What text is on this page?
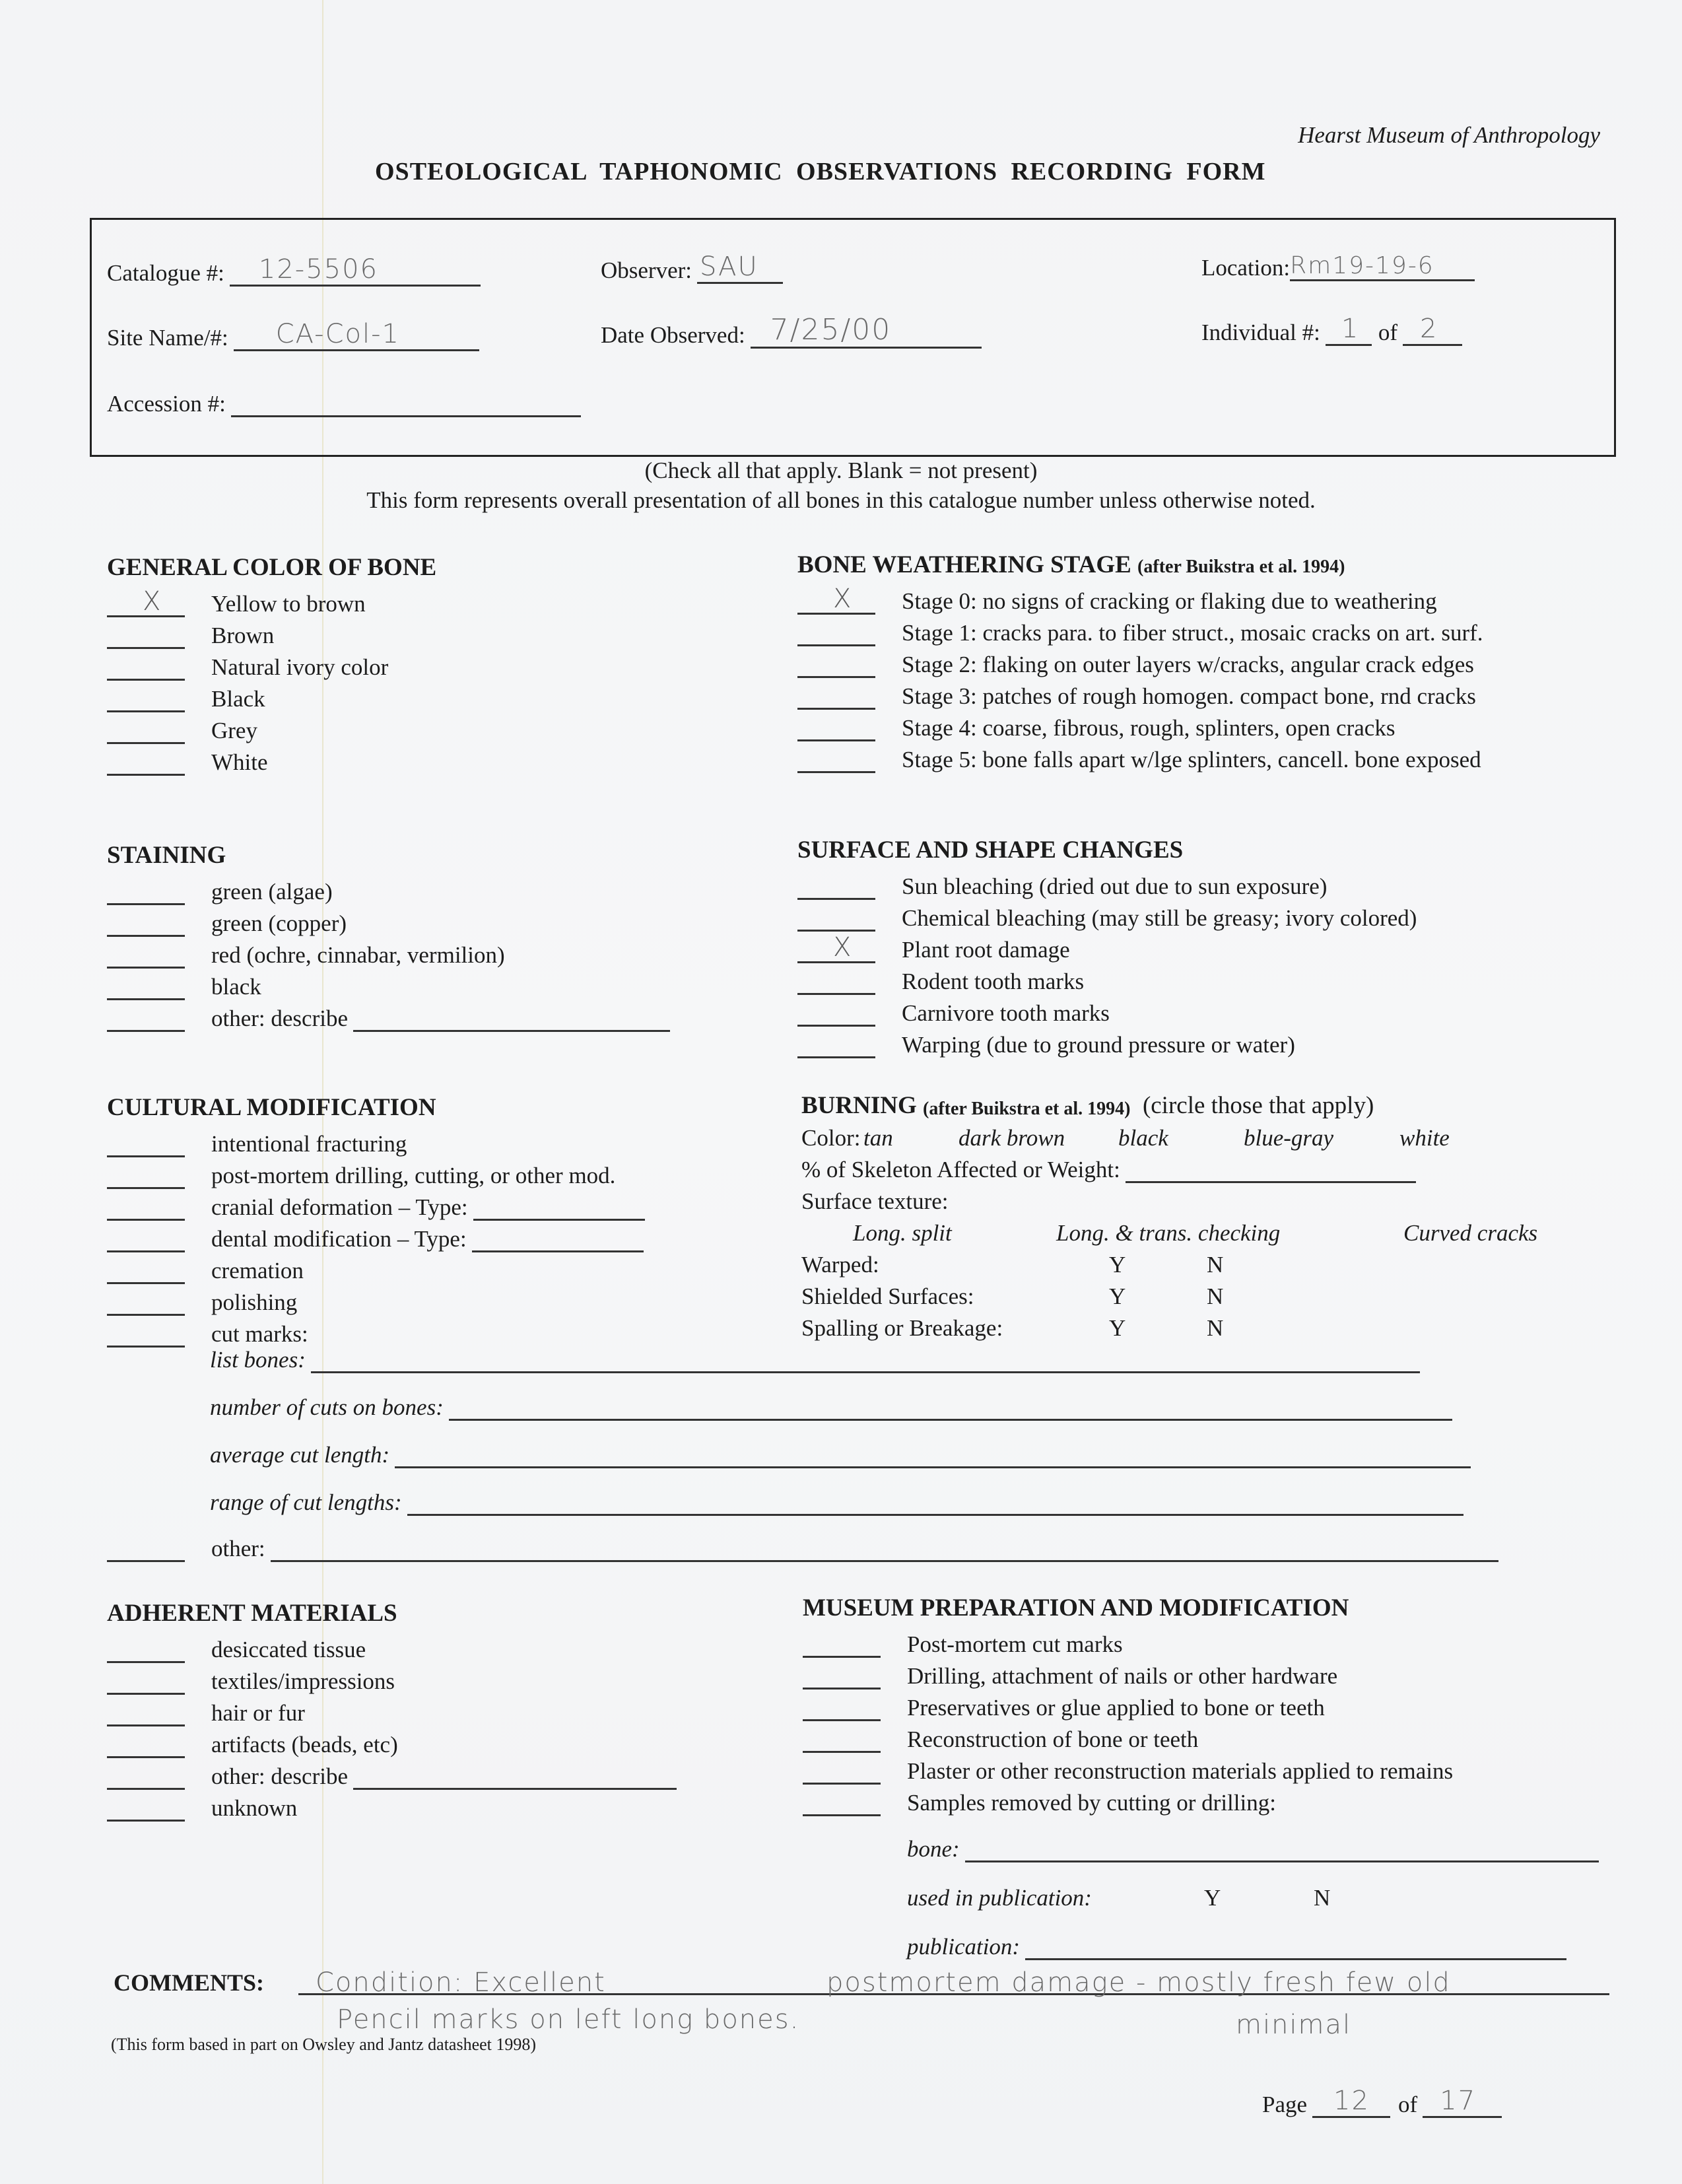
Hearst Museum of Anthropology
OSTEOLOGICAL TAPHONOMIC OBSERVATIONS RECORDING FORM
Catalogue #: 12-5506	Observer: SAU	Location: Rm19-19-6
Site Name/#: CA-Col-1	Date Observed: 7/25/00	Individual #: 1 of 2
Accession #:
(Check all that apply. Blank = not present)
This form represents overall presentation of all bones in this catalogue number unless otherwise noted.
GENERAL COLOR OF BONE
X Yellow to brown
Brown
Natural ivory color
Black
Grey
White
BONE WEATHERING STAGE (after Buikstra et al. 1994)
X Stage 0: no signs of cracking or flaking due to weathering
Stage 1: cracks para. to fiber struct., mosaic cracks on art. surf.
Stage 2: flaking on outer layers w/cracks, angular crack edges
Stage 3: patches of rough homogen. compact bone, rnd cracks
Stage 4: coarse, fibrous, rough, splinters, open cracks
Stage 5: bone falls apart w/lge splinters, cancell. bone exposed
STAINING
green (algae)
green (copper)
red (ochre, cinnabar, vermilion)
black
other: describe
SURFACE AND SHAPE CHANGES
Sun bleaching (dried out due to sun exposure)
Chemical bleaching (may still be greasy; ivory colored)
X Plant root damage
Rodent tooth marks
Carnivore tooth marks
Warping (due to ground pressure or water)
CULTURAL MODIFICATION
intentional fracturing
post-mortem drilling, cutting, or other mod.
cranial deformation – Type:
dental modification – Type:
cremation
polishing
cut marks:
list bones:
number of cuts on bones:
average cut length:
range of cut lengths:
other:
BURNING
(after Buikstra et al. 1994)
(circle those that apply)
Color: tan	dark brown black	blue-gray	white
% of Skeleton Affected or Weight:
Surface texture:
Long. split	Long. & trans. checking	Curved cracks
Warped:	Y	N
Shielded Surfaces:	Y	N
Spalling or Breakage:	Y	N
ADHERENT MATERIALS
desiccated tissue
textiles/impressions
hair or fur
artifacts (beads, etc)
other: describe
unknown
MUSEUM PREPARATION AND MODIFICATION
Post-mortem cut marks
Drilling, attachment of nails or other hardware
Preservatives or glue applied to bone or teeth
Reconstruction of bone or teeth
Plaster or other reconstruction materials applied to remains
Samples removed by cutting or drilling:
bone:
used in publication:	Y	N
publication:
COMMENTS: Condition: Excellent	postmortem damage - mostly fresh few old
Pencil marks on left long bones.	minimal
(This form based in part on Owsley and Jantz datasheet 1998)
Page 12 of 17
